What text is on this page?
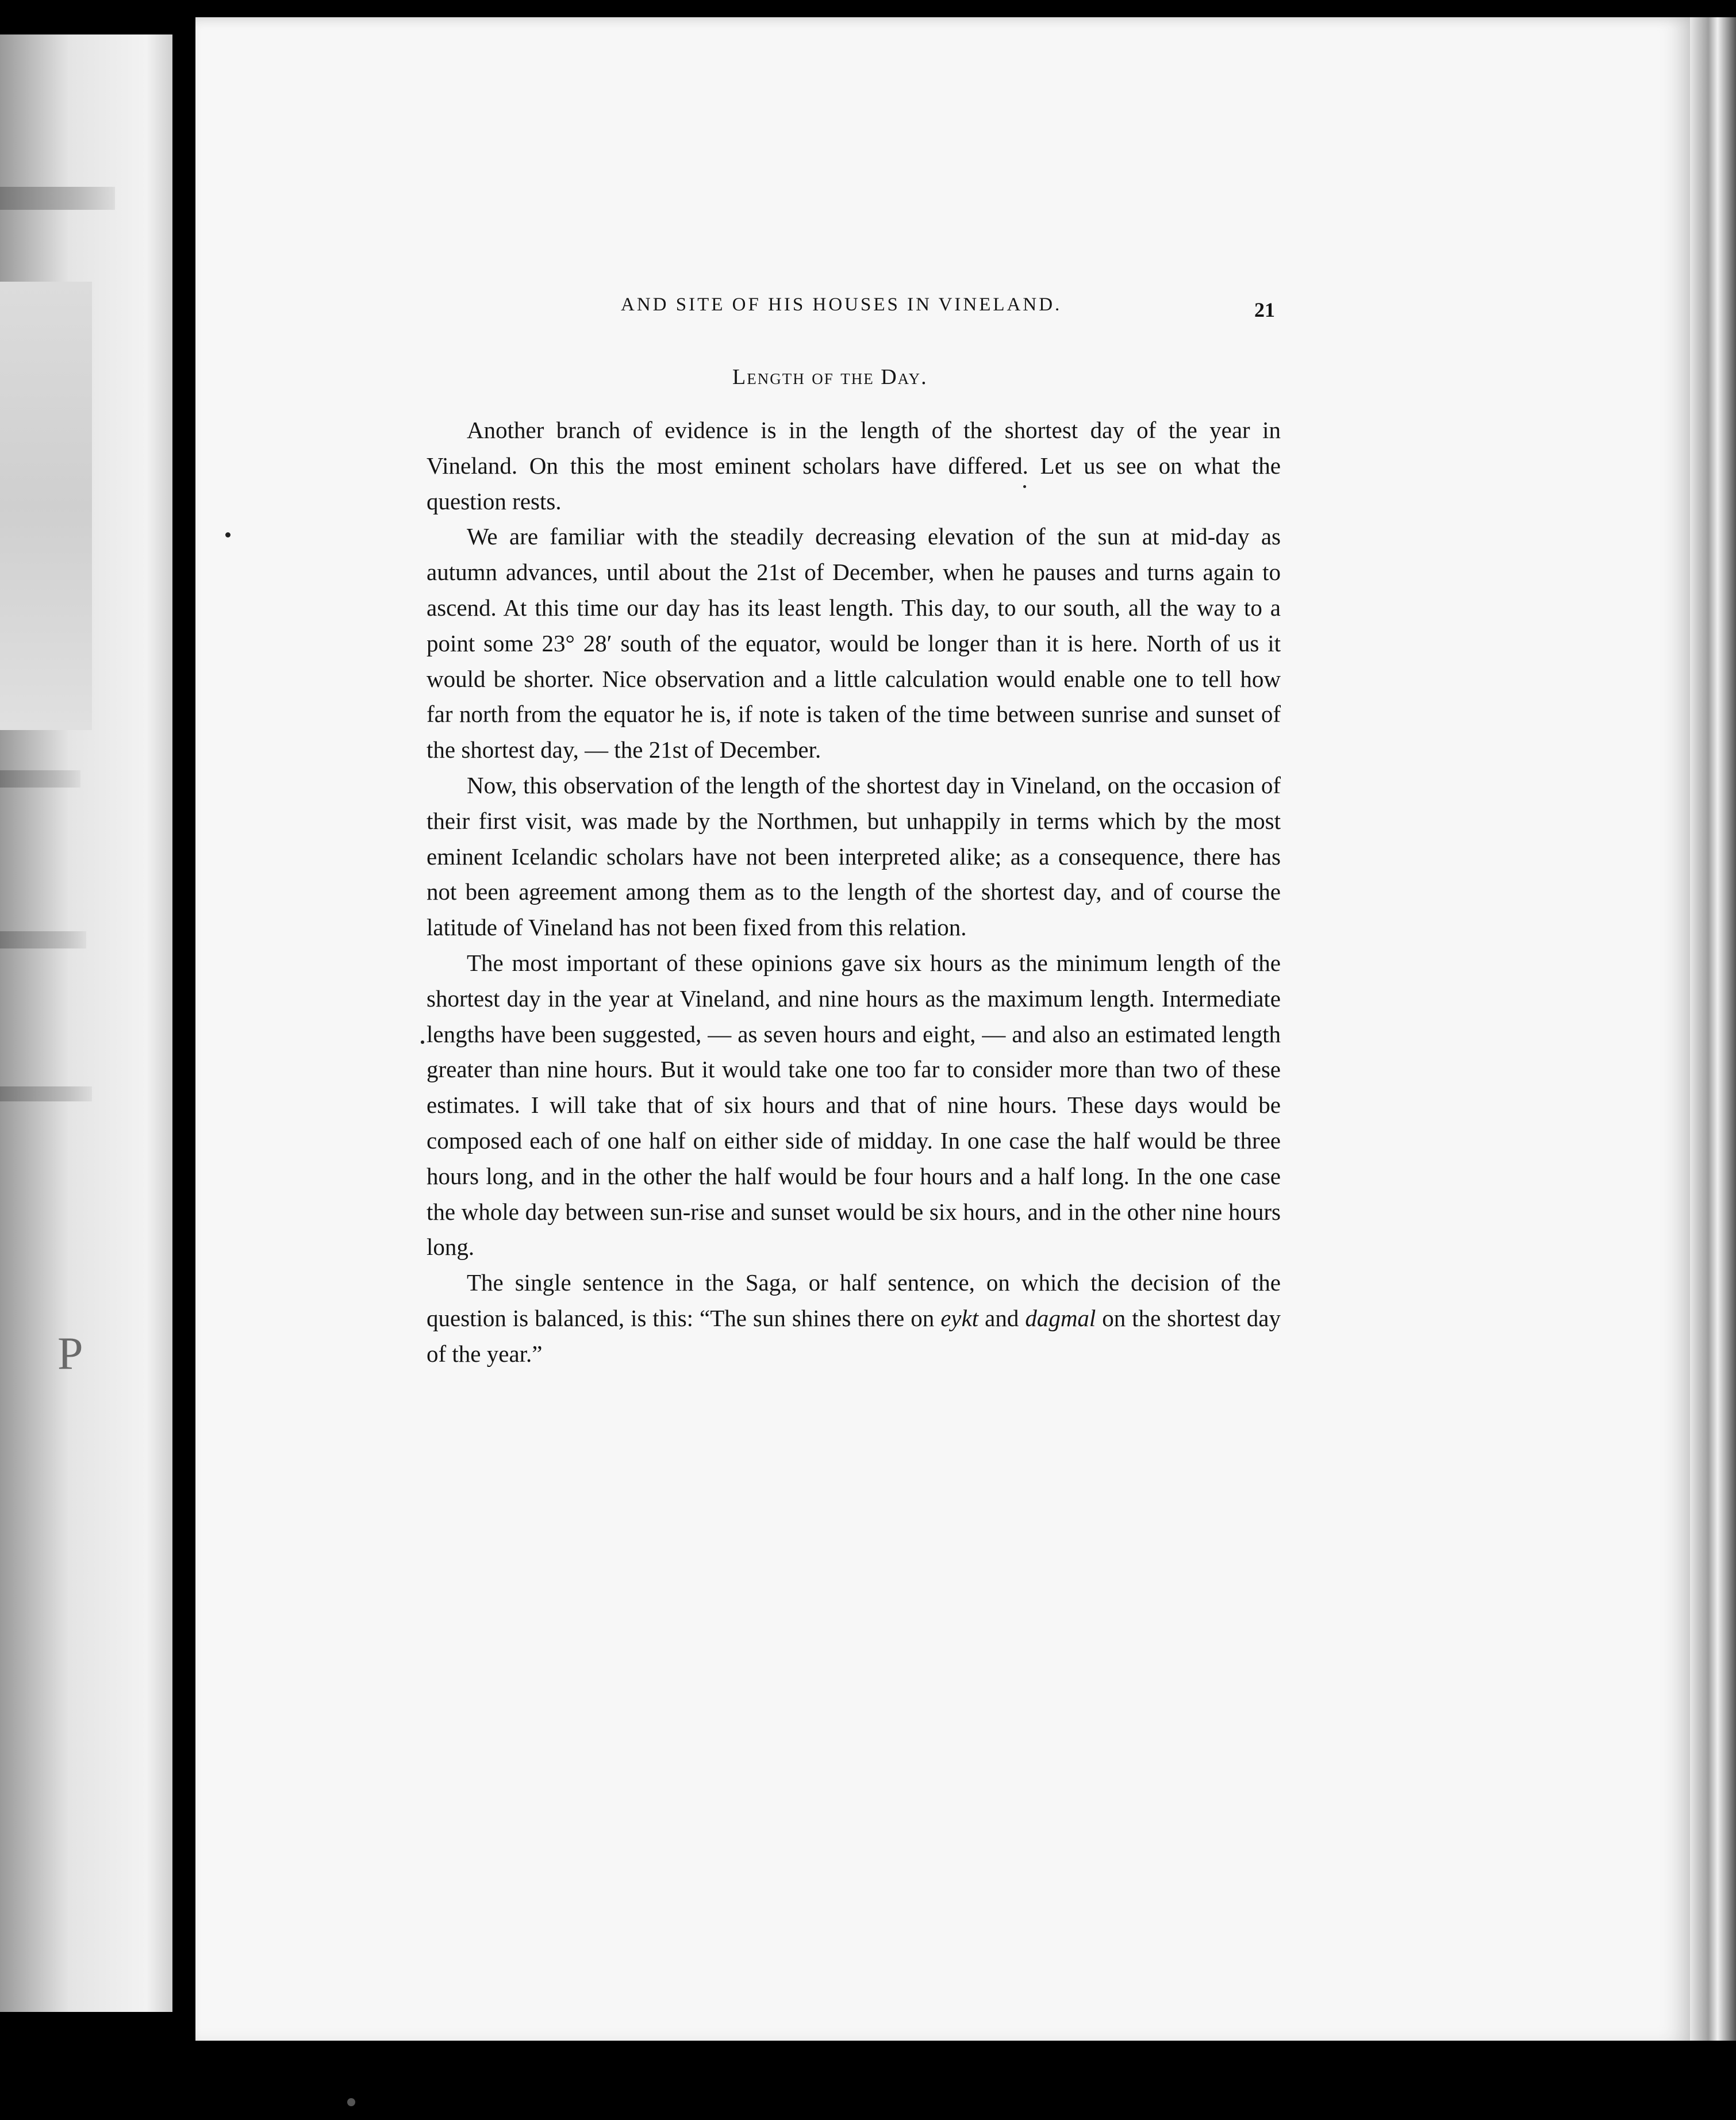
P
AND SITE OF HIS HOUSES IN VINELAND.	21
Length of the Day.

Another branch of evidence is in the length of the shortest day of the year in Vineland. On this the most eminent scholars have differed. Let us see on what the question rests.

We are familiar with the steadily decreasing elevation of the sun at mid-day as autumn advances, until about the 21st of December, when he pauses and turns again to ascend. At this time our day has its least length. This day, to our south, all the way to a point some 23° 28′ south of the equator, would be longer than it is here. North of us it would be shorter. Nice observation and a little calculation would enable one to tell how far north from the equator he is, if note is taken of the time between sunrise and sunset of the shortest day, — the 21st of December.

Now, this observation of the length of the shortest day in Vineland, on the occasion of their first visit, was made by the Northmen, but unhappily in terms which by the most eminent Icelandic scholars have not been interpreted alike; as a consequence, there has not been agreement among them as to the length of the shortest day, and of course the latitude of Vineland has not been fixed from this relation.

The most important of these opinions gave six hours as the minimum length of the shortest day in the year at Vineland, and nine hours as the maximum length. Intermediate lengths have been suggested, — as seven hours and eight, — and also an estimated length greater than nine hours. But it would take one too far to consider more than two of these estimates. I will take that of six hours and that of nine hours. These days would be composed each of one half on either side of midday. In one case the half would be three hours long, and in the other the half would be four hours and a half long. In the one case the whole day between sun-rise and sunset would be six hours, and in the other nine hours long.

The single sentence in the Saga, or half sentence, on which the decision of the question is balanced, is this: “The sun shines there on eykt and dagmal on the shortest day of the year.”
